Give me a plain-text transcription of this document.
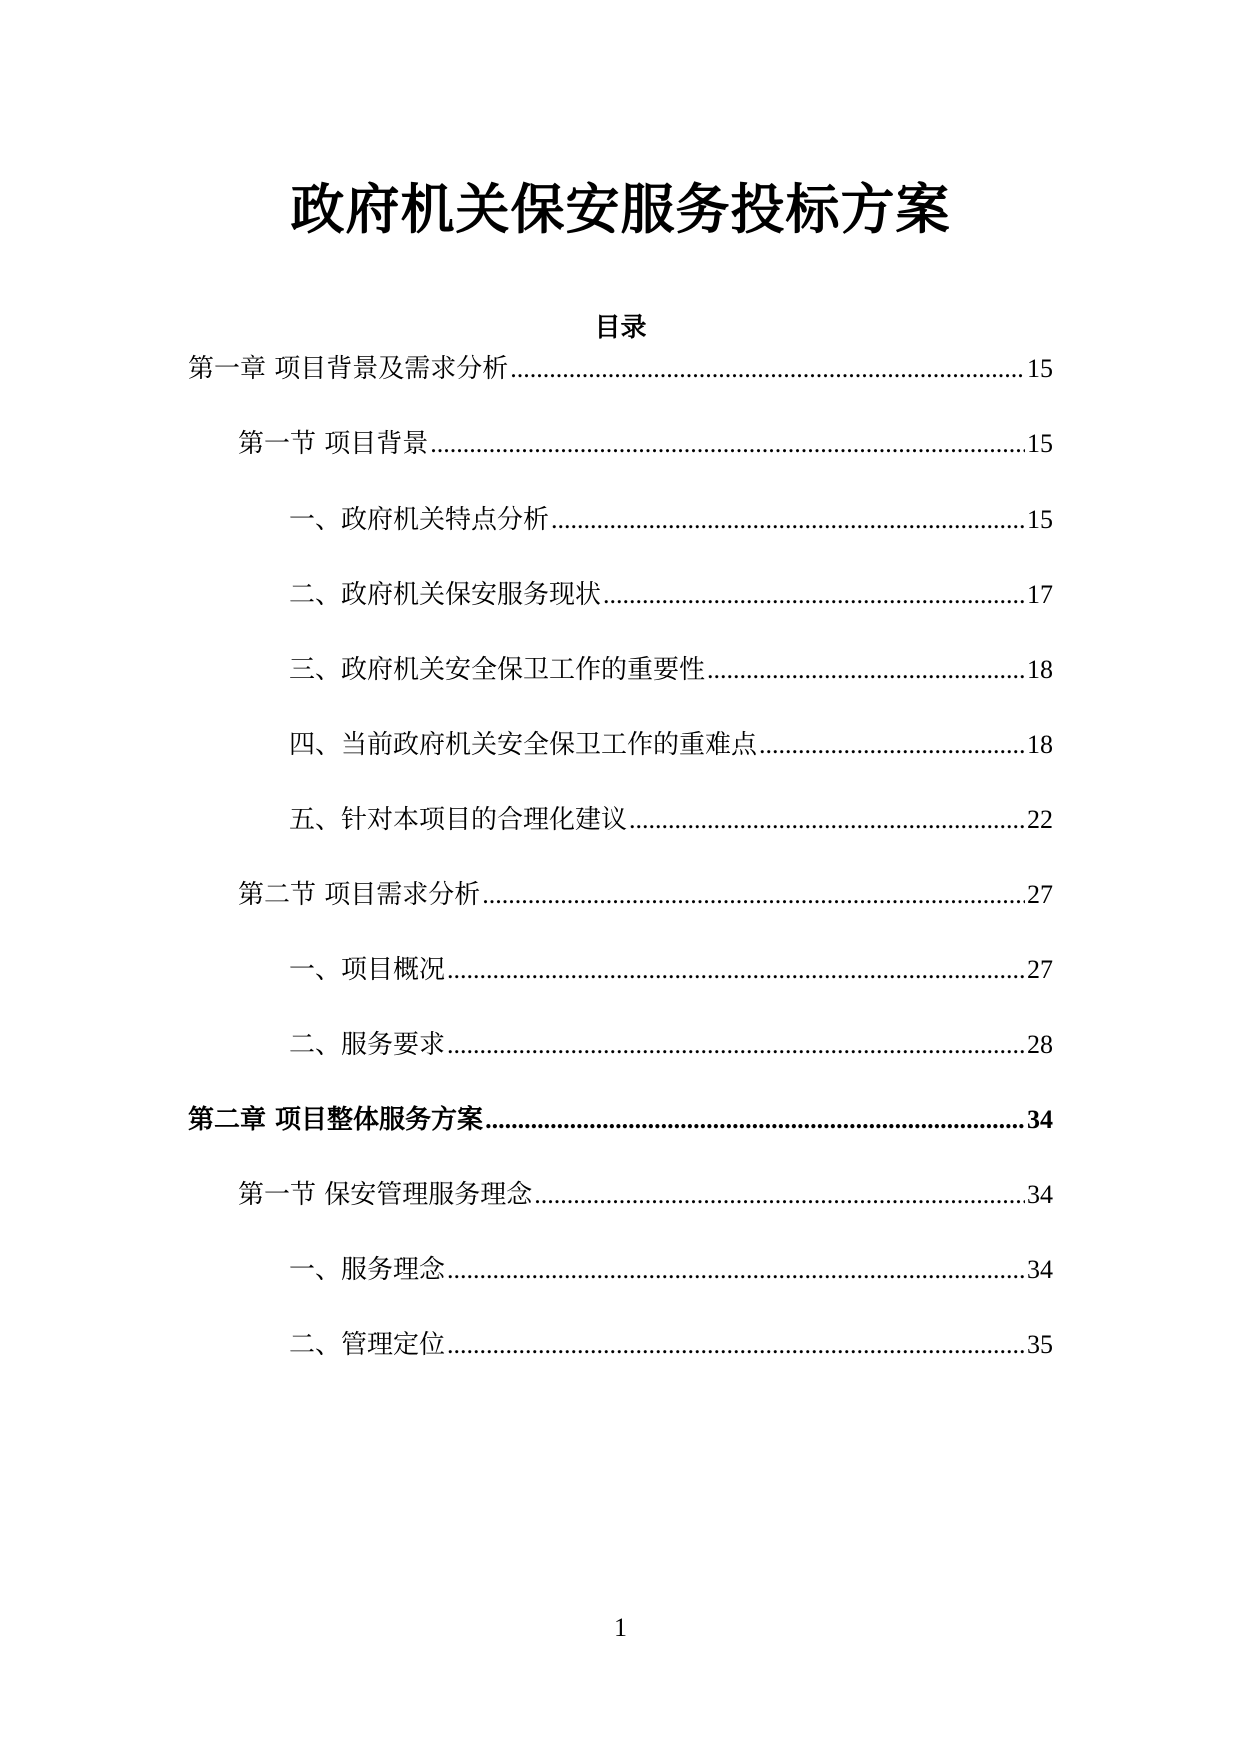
政府机关保安服务投标方案
目录
第一章 项目背景及需求分析 .....	15
第一节 项目背景 .....	15
一、政府机关特点分析 .....	15
二、政府机关保安服务现状 .....	17
三、政府机关安全保卫工作的重要性 .....	18
四、当前政府机关安全保卫工作的重难点 .....	18
五、针对本项目的合理化建议 .....	22
第二节 项目需求分析 .....	27
一、项目概况 .....	27
二、服务要求 .....	28
第二章 项目整体服务方案 .....	34
第一节 保安管理服务理念 .....	34
一、服务理念 .....	34
二、管理定位 .....	35
1
